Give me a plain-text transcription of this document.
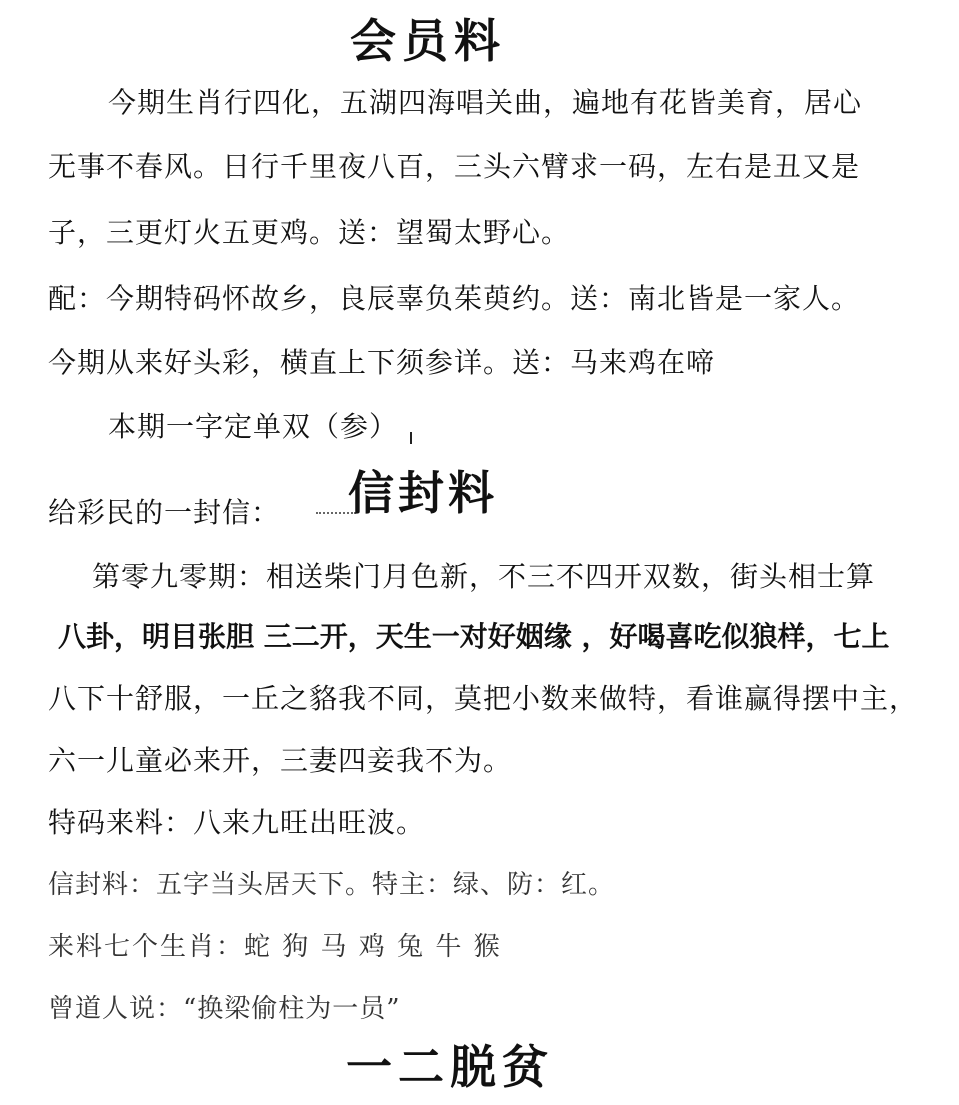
会员料
今期生肖行四化，五湖四海唱关曲，遍地有花皆美育，居心
无事不春风。日行千里夜八百，三头六臂求一码，左右是丑又是
子，三更灯火五更鸡。送：望蜀太野心。
配：今期特码怀故乡，良辰辜负茱萸约。送：南北皆是一家人。
今期从来好头彩，横直上下须参详。送：马来鸡在啼
本期一字定单双（参）
给彩民的一封信： 信封料
第零九零期：相送柴门月色新，不三不四开双数，街头相士算
八卦，明目张胆 三二开，天生一对好姻缘 ，好喝喜吃似狼样，七上
八下十舒服，一丘之貉我不同，莫把小数来做特，看谁赢得摆中主，
六一儿童必来开，三妻四妾我不为。
特码来料：八来九旺出旺波。
信封料：五字当头居天下。特主：绿、防：红。
来料七个生肖：蛇 狗 马 鸡 兔 牛 猴
曾道人说：“换梁偷柱为一员”
一二脱贫
